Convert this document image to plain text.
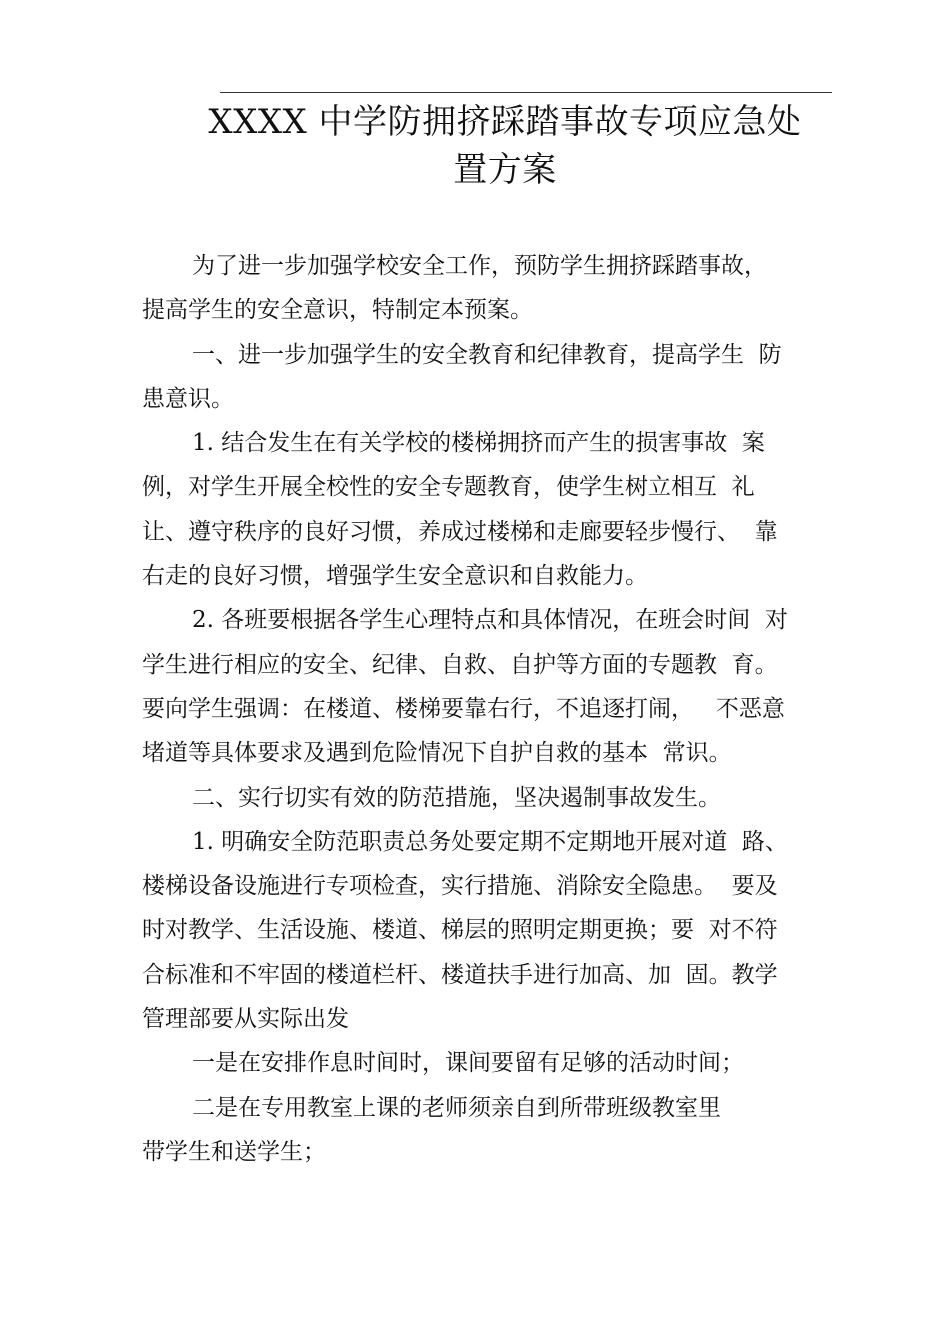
XXXX 中学防拥挤踩踏事故专项应急处
置方案
为了进一步加强学校安全工作，预防学生拥挤踩踏事故，
提高学生的安全意识，特制定本预案。
一、进一步加强学生的安全教育和纪律教育，提高学生  防
患意识。
1. 结合发生在有关学校的楼梯拥挤而产生的损害事故  案
例，对学生开展全校性的安全专题教育，使学生树立相互  礼
让、遵守秩序的良好习惯，养成过楼梯和走廊要轻步慢行、  靠
右走的良好习惯，增强学生安全意识和自救能力。
2. 各班要根据各学生心理特点和具体情况，在班会时间  对
学生进行相应的安全、纪律、自救、自护等方面的专题教  育。
要向学生强调：在楼道、楼梯要靠右行，不追逐打闹，   不恶意
堵道等具体要求及遇到危险情况下自护自救的基本  常识。
二、实行切实有效的防范措施，坚决遏制事故发生。
1. 明确安全防范职责总务处要定期不定期地开展对道  路、
楼梯设备设施进行专项检查，实行措施、消除安全隐患。  要及
时对教学、生活设施、楼道、梯层的照明定期更换；要  对不符
合标准和不牢固的楼道栏杆、楼道扶手进行加高、加  固。教学
管理部要从实际出发
一是在安排作息时间时，课间要留有足够的活动时间；
二是在专用教室上课的老师须亲自到所带班级教室里
带学生和送学生；
